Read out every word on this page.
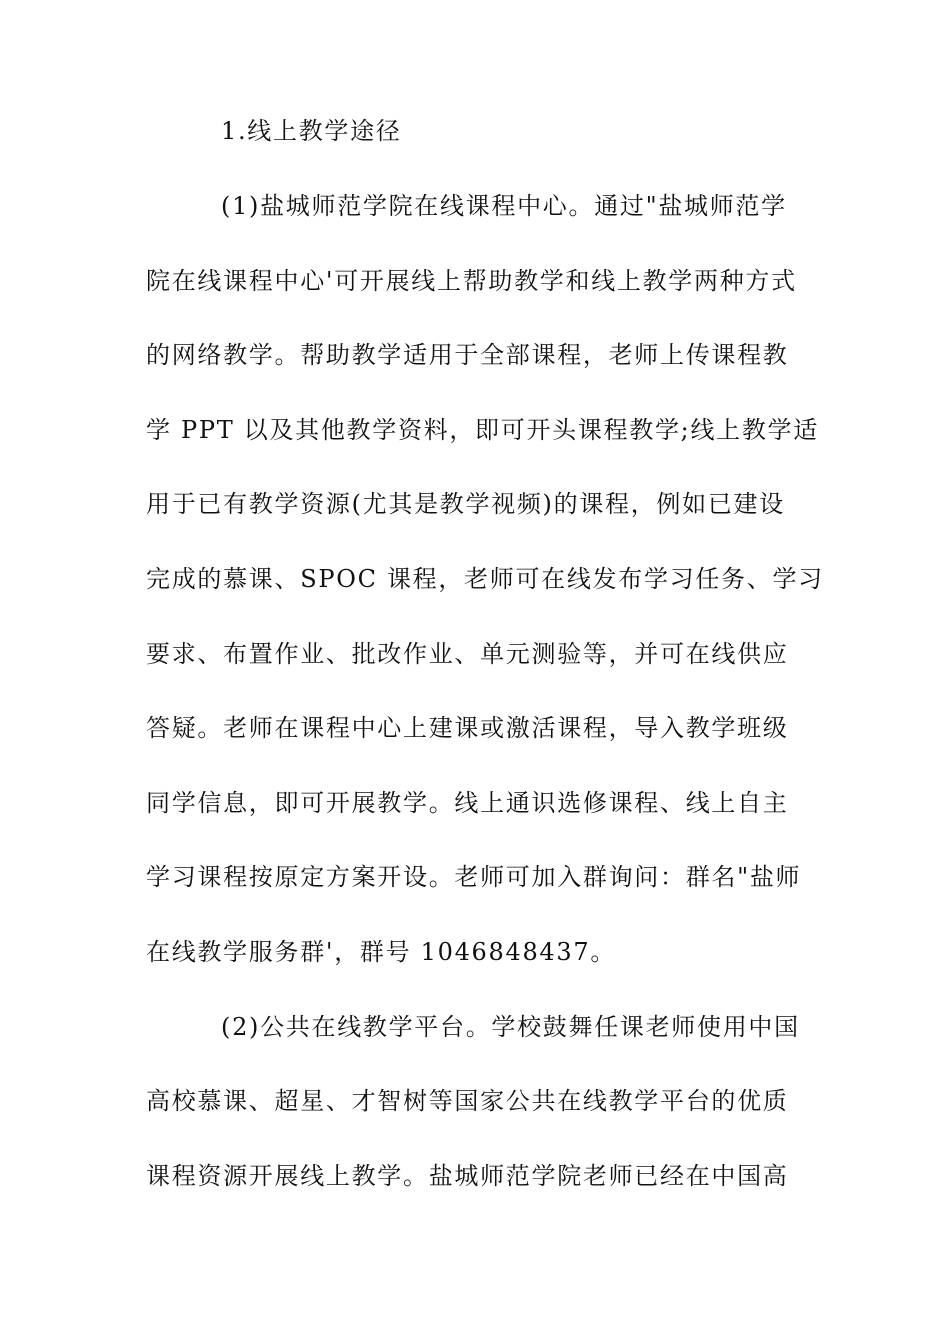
1.线上教学途径
(1)盐城师范学院在线课程中心。通过"盐城师范学
院在线课程中心'可开展线上帮助教学和线上教学两种方式
的网络教学。帮助教学适用于全部课程，老师上传课程教
学 PPT 以及其他教学资料，即可开头课程教学;线上教学适
用于已有教学资源(尤其是教学视频)的课程，例如已建设
完成的慕课、SPOC 课程，老师可在线发布学习任务、学习
要求、布置作业、批改作业、单元测验等，并可在线供应
答疑。老师在课程中心上建课或激活课程，导入教学班级
同学信息，即可开展教学。线上通识选修课程、线上自主
学习课程按原定方案开设。老师可加入群询问：群名"盐师
在线教学服务群'，群号 1046848437。
(2)公共在线教学平台。学校鼓舞任课老师使用中国
高校慕课、超星、才智树等国家公共在线教学平台的优质
课程资源开展线上教学。盐城师范学院老师已经在中国高
